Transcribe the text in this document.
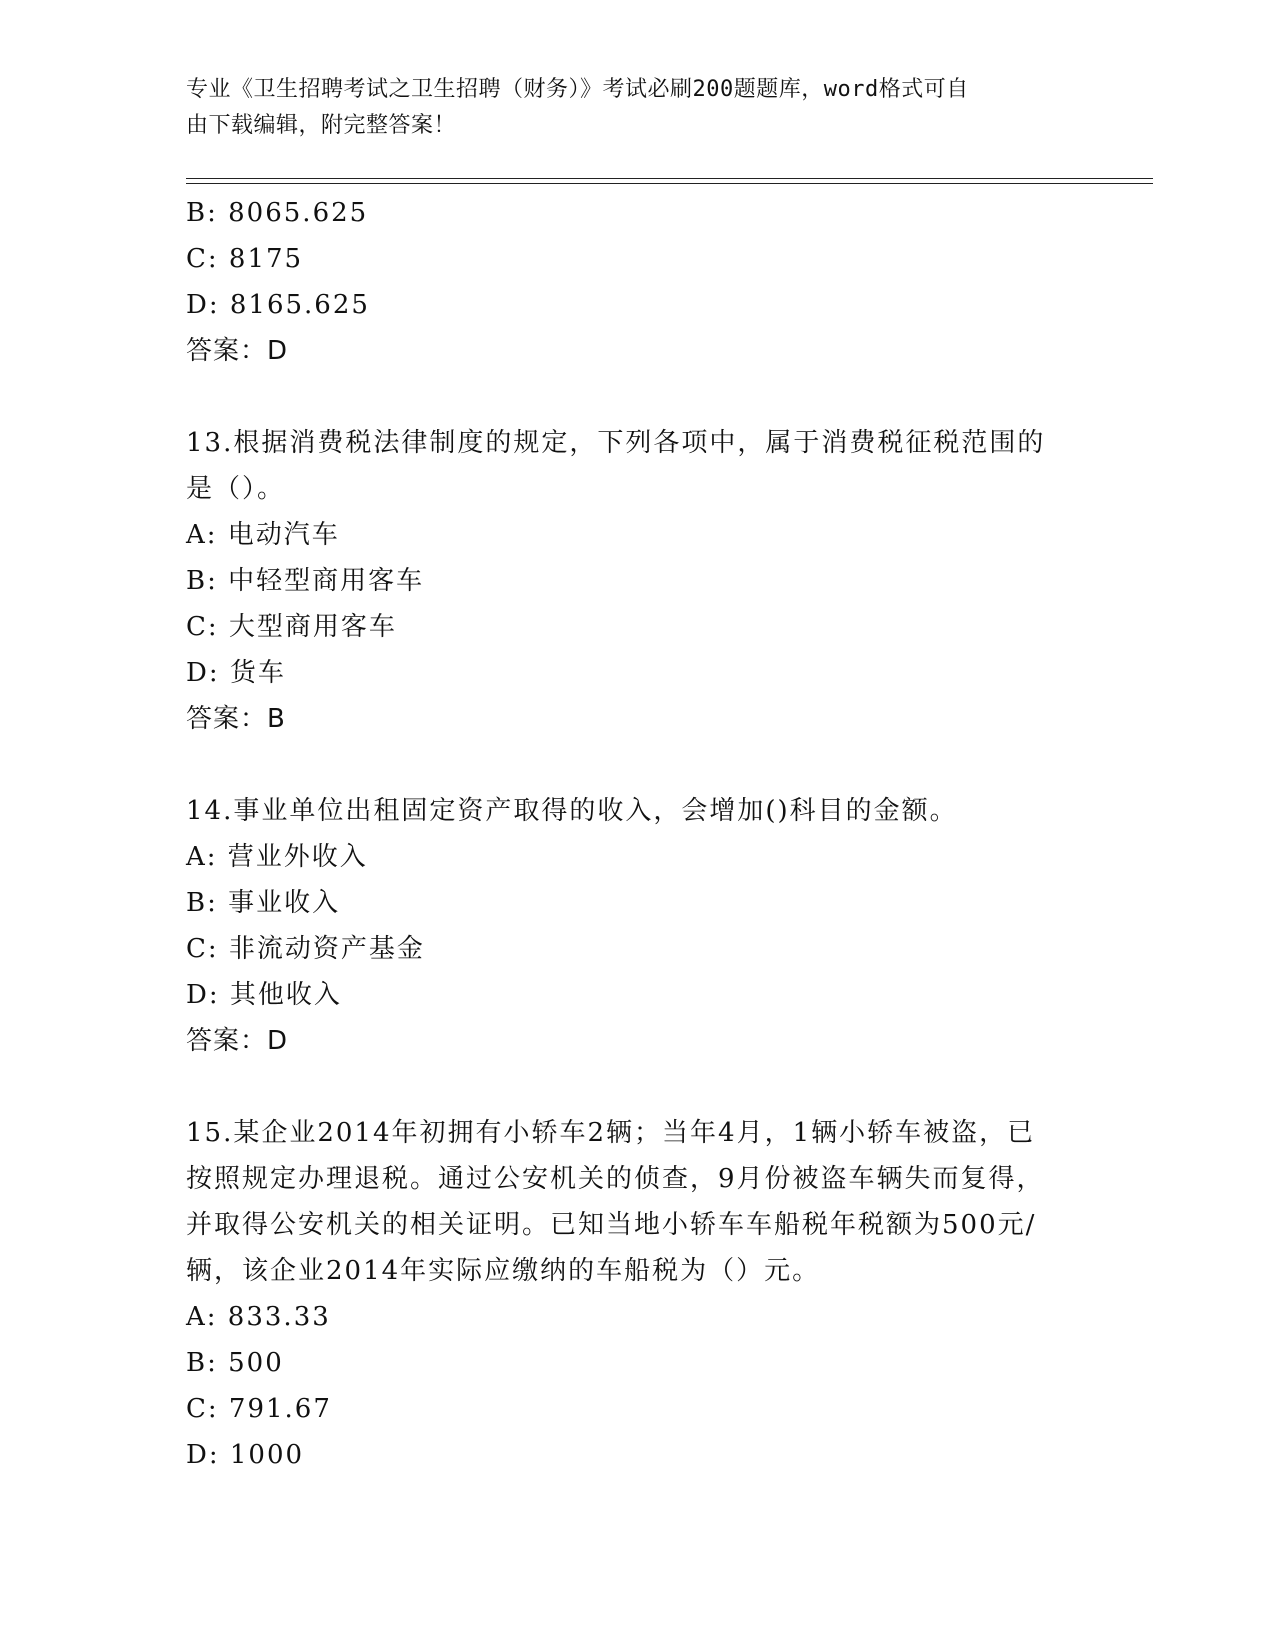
专业《卫生招聘考试之卫生招聘（财务）》考试必刷200题题库，word格式可自
由下载编辑，附完整答案！
B: 8065.625
C: 8175
D: 8165.625
答案：D
13.根据消费税法律制度的规定，下列各项中，属于消费税征税范围的
是（）。
A: 电动汽车
B: 中轻型商用客车
C: 大型商用客车
D: 货车
答案：B
14.事业单位出租固定资产取得的收入，会增加()科目的金额。
A: 营业外收入
B: 事业收入
C: 非流动资产基金
D: 其他收入
答案：D
15.某企业2014年初拥有小轿车2辆；当年4月，1辆小轿车被盗，已
按照规定办理退税。通过公安机关的侦查，9月份被盗车辆失而复得，
并取得公安机关的相关证明。已知当地小轿车车船税年税额为500元/
辆，该企业2014年实际应缴纳的车船税为（）元。
A: 833.33
B: 500
C: 791.67
D: 1000
